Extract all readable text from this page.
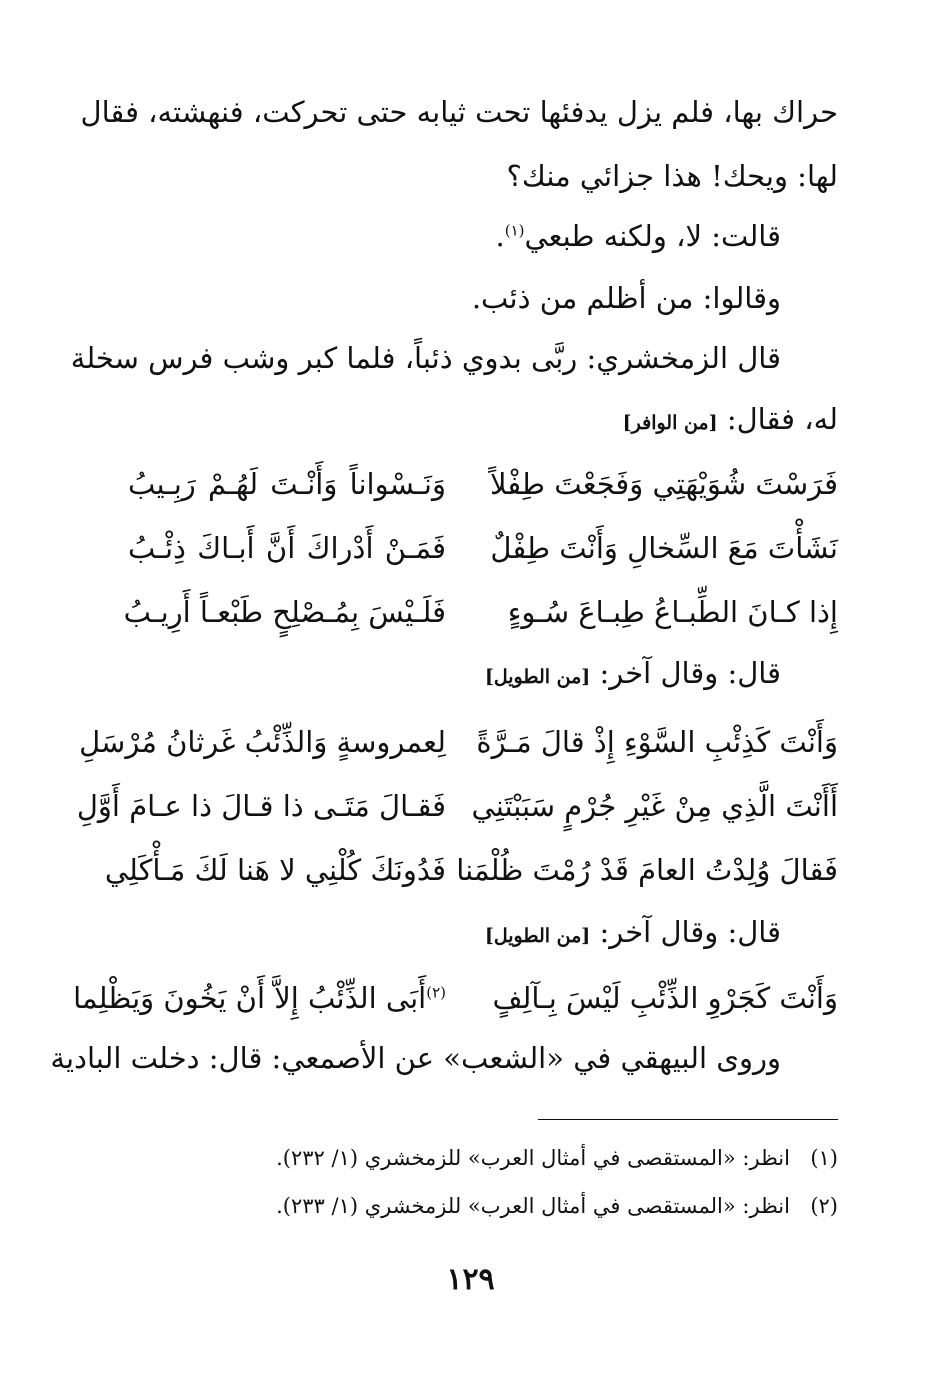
حراك بها، فلم يزل يدفئها تحت ثيابه حتى تحركت، فنهشته، فقال
لها: ويحك! هذا جزائي منك؟
قالت: لا، ولكنه طبعي$^{(١)}$.
وقالوا: من أظلم من ذئب.
قال الزمخشري: ربَّى بدوي ذئباً، فلما كبر وشب فرس سخلة
له، فقال: [من الوافر]
فَرَسْتَ شُوَيْهَتِي وَفَجَعْتَ طِفْلاً
وَنَـسْواناً وَأَنْـتَ لَهُـمْ رَبِـيبُ
نَشَأْتَ مَعَ السِّخالِ وَأَنْتَ طِفْلٌ
فَمَـنْ أَدْراكَ أَنَّ أَبـاكَ ذِئْـبُ
إِذا كـانَ الطِّبـاعُ طِبـاعَ سُـوءٍ
فَلَـيْسَ بِمُـصْلِحٍ طَبْعـاً أَرِيـبُ
قال: وقال آخر: [من الطويل]
وَأَنْتَ كَذِئْبِ السَّوْءِ إِذْ قالَ مَـرَّةً
لِعمروسةٍ وَالذِّئْبُ غَرثانُ مُرْسَلِ
أَأَنْتَ الَّذِي مِنْ غَيْرِ جُرْمٍ سَبَبْتَنِي
فَقـالَ مَتَـى ذا قـالَ ذا عـامَ أَوَّلِ
فَقالَ وُلِدْتُ العامَ قَدْ رُمْتَ ظُلْمَنا
فَدُونَكَ كُلْنِي لا هَنا لَكَ مَـأْكَلِي
قال: وقال آخر: [من الطويل]
وَأَنْتَ كَجَرْوِ الذِّئْبِ لَيْسَ بِـآلِفٍ
$^{(٢)}$أَبَى الذِّئْبُ إِلاَّ أَنْ يَخُونَ وَيَظْلِما
وروى البيهقي في «الشعب» عن الأصمعي: قال: دخلت البادية
(١)انظر: «المستقصى في أمثال العرب» للزمخشري (١/ ٢٣٢).
(٢)انظر: «المستقصى في أمثال العرب» للزمخشري (١/ ٢٣٣).
١٢٩
